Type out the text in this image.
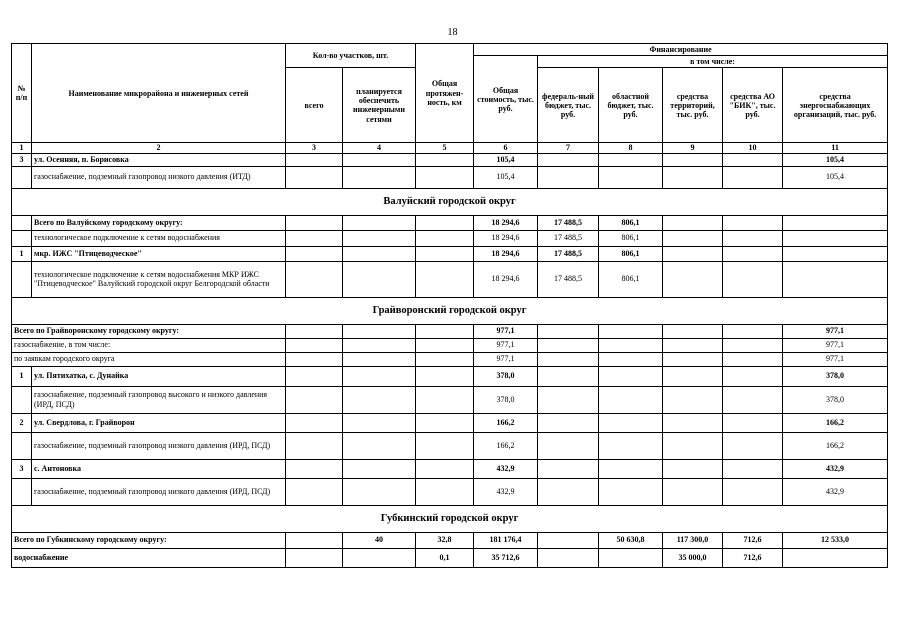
18
№ п/п	Наименование микрорайона и инженерных сетей	Кол-во участков, шт.		Общая протяжен-ность, км	Финансирование					
					Общая стоимость, тыс. руб.	в том числе:				
		всего	планируется обеспечить инженерными сетями			федераль-ный бюджет, тыс. руб.	областной бюджет, тыс. руб.	средства территорий, тыс. руб.	средства АО "БИК", тыс. руб.	средства энергоснабжающих организаций, тыс. руб.
1	2	3	4	5	6	7	8	9	10	11
3	ул. Осенняя, п. Борисовка				105,4					105,4
	газоснабжение, подземный газопровод низкого давления (ИТД)				105,4					105,4
Валуйский городской округ										
	Всего по Валуйскому городскому округу:				18 294,6	17 488,5	806,1			
	технологическое подключение к сетям водоснабжения				18 294,6	17 488,5	806,1			
1	мкр. ИЖС "Птицеводческое"				18 294,6	17 488,5	806,1			
	технологическое подключение к сетям водоснабжения МКР ИЖС "Птицеводческое" Валуйский городской округ Белгородской области				18 294,6	17 488,5	806,1			
Грайворонский городской округ										
Всего по Грайворонскому городскому округу:					977,1					977,1
газоснабжение, в том числе:					977,1					977,1
по заявкам городского округа					977,1					977,1
1	ул. Пятихатка, с. Дунайка				378,0					378,0
	газоснабжение, подземный газопровод высокого и низкого давления (ИРД, ПСД)				378,0					378,0
2	ул. Свердлова, г. Грайворон				166,2					166,2
	газоснабжение, подземный газопровод низкого давления (ИРД, ПСД)				166,2					166,2
3	с. Антоновка				432,9					432,9
	газоснабжение, подземный газопровод низкого давления (ИРД, ПСД)				432,9					432,9
Губкинский городской округ										
Всего по Губкинскому городскому округу:			40	32,8	181 176,4		50 630,8	117 300,0	712,6	12 533,0
водоснабжение				0,1	35 712,6			35 000,0	712,6	
